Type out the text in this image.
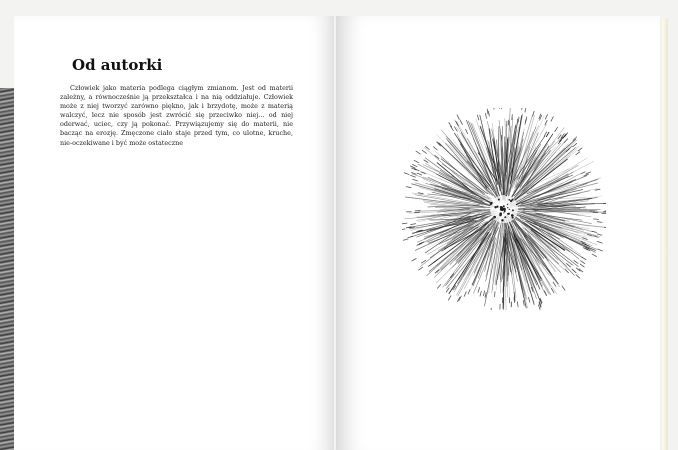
Od autorki

Człowiek jako materia podlega ciągłym zmianom. Jest od materii zależny, a równocześnie ją przekształca i na nią oddziałuje. Człowiek może z niej tworzyć zarówno piękno, jak i brzydotę, może z materią walczyć, lecz nie sposób jest zwrócić się przeciwko niej... od niej oderwać, uciec, czy ją pokonać. Przywiązujemy się do materii, nie bacząc na erozję. Zmęczone ciało staje przed tym, co ulotne, kruche, nie-oczekiwane i być może ostateczne
